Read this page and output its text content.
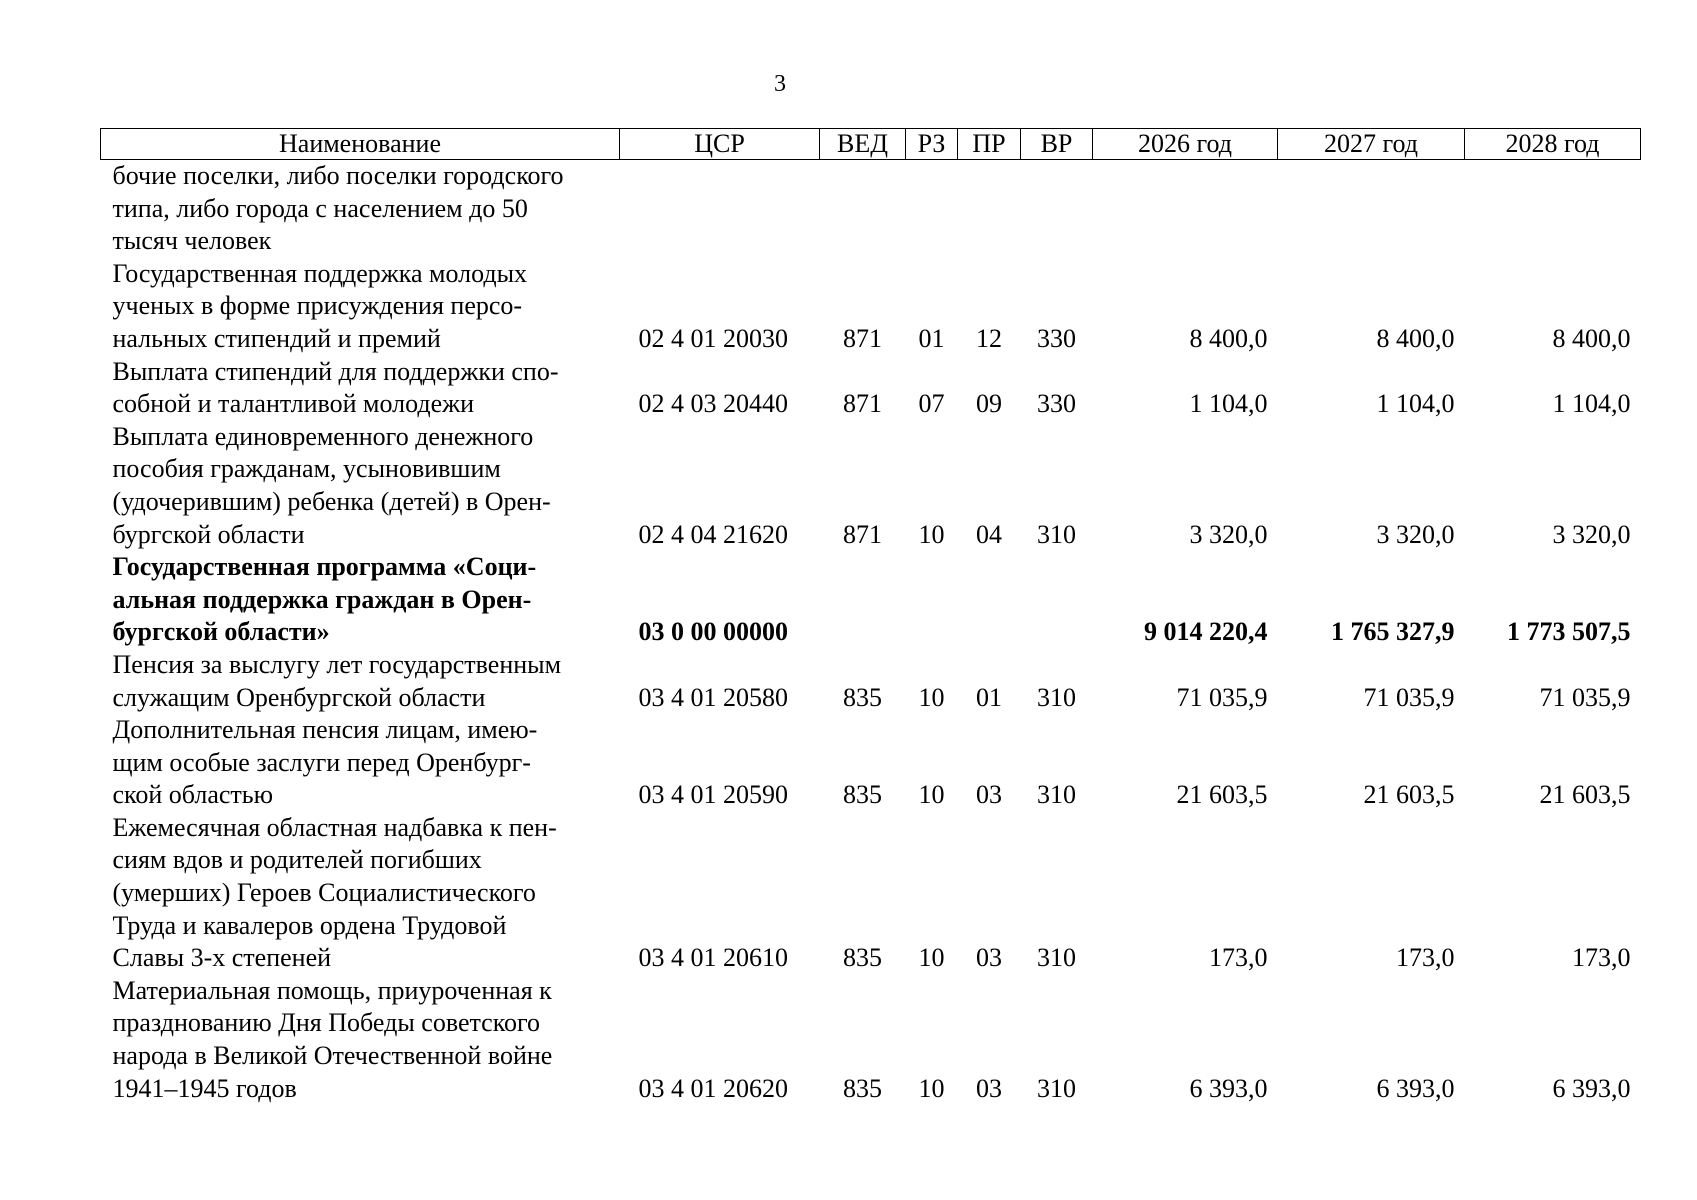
3
Наименование	ЦСР	ВЕД	РЗ	ПР	ВР	2026 год	2027 год	2028 год

бочие поселки, либо поселки городского
типа, либо города с населением до 50
тысяч человек								

Государственная поддержка молодых
ученых в форме присуждения персо-
нальных стипендий и премий	02 4 01 20030	871	01	12	330	8 400,0	8 400,0	8 400,0

Выплата стипендий для поддержки спо-
собной и талантливой молодежи	02 4 03 20440	871	07	09	330	1 104,0	1 104,0	1 104,0

Выплата единовременного денежного
пособия гражданам, усыновившим
(удочерившим) ребенка (детей) в Орен-
бургской области	02 4 04 21620	871	10	04	310	3 320,0	3 320,0	3 320,0

Государственная программа «Соци-
альная поддержка граждан в Орен-
бургской области»	03 0 00 00000					9 014 220,4	1 765 327,9	1 773 507,5

Пенсия за выслугу лет государственным
служащим Оренбургской области	03 4 01 20580	835	10	01	310	71 035,9	71 035,9	71 035,9

Дополнительная пенсия лицам, имею-
щим особые заслуги перед Оренбург-
ской областью	03 4 01 20590	835	10	03	310	21 603,5	21 603,5	21 603,5

Ежемесячная областная надбавка к пен-
сиям вдов и родителей погибших
(умерших) Героев Социалистического
Труда и кавалеров ордена Трудовой
Славы 3-х степеней	03 4 01 20610	835	10	03	310	173,0	173,0	173,0

Материальная помощь, приуроченная к
празднованию Дня Победы советского
народа в Великой Отечественной войне
1941–1945 годов	03 4 01 20620	835	10	03	310	6 393,0	6 393,0	6 393,0
